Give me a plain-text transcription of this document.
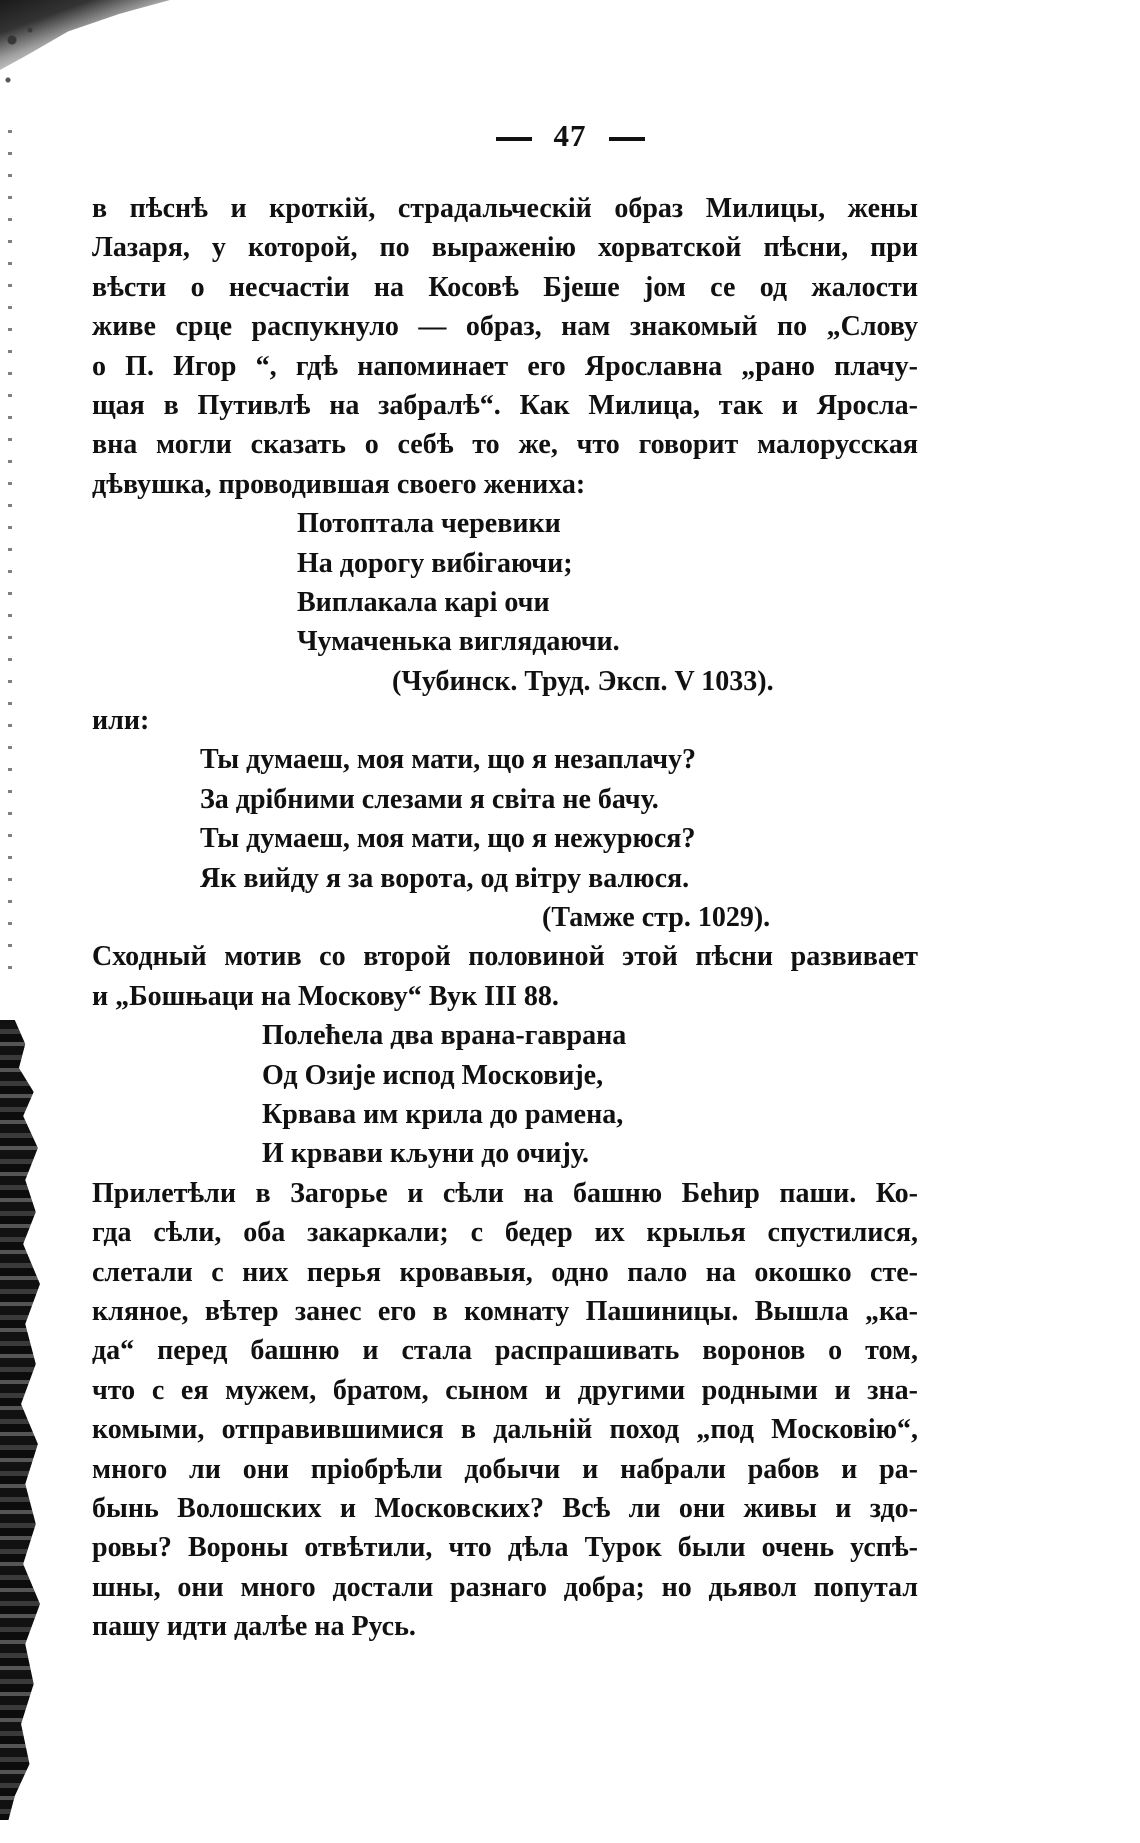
47
в пѣснѣ и кроткій, страдальческій образ Милицы, жены
Лазаря, у которой, по выраженію хорватской пѣсни, при
вѣсти о несчастіи на Косовѣ Бјеше јом се од жалости
живе срце распукнуло — образ, нам знакомый по „Слову
о П. Игор “, гдѣ напоминает его Ярославна „рано плачу-
щая в Путивлѣ на забралѣ“. Как Милица, так и Яросла-
вна могли сказать о себѣ то же, что говорит малорусская
дѣвушка, проводившая своего жениха:
Потоптала черевики
На дорогу вибігаючи;
Виплакала карі очи
Чумаченька виглядаючи.
(Чубинск. Труд. Эксп. V 1033).
или:
Ты думаеш, моя мати, що я незаплачу?
За дрібними слезами я світа не бачу.
Ты думаеш, моя мати, що я нежурюся?
Як вийду я за ворота, од вітру валюся.
(Тамже стр. 1029).
Сходный мотив со второй половиной этой пѣсни развивает
и „Бошњаци на Москову“ Вук III 88.
Полећела два врана-гаврана
Од Озије испод Московије,
Крвава им крила до рамена,
И крвави кљуни до очију.
Прилетѣли в Загорье и сѣли на башню Беһир паши. Ко-
гда сѣли, оба закаркали; с бедер их крылья спустилися,
слетали с них перья кровавыя, одно пало на окошко сте-
кляное, вѣтер занес его в комнату Пашиницы. Вышла „ка-
да“ перед башню и стала распрашивать воронов о том,
что с ея мужем, братом, сыном и другими родными и зна-
комыми, отправившимися в дальній поход „под Московію“,
много ли они пріобрѣли добычи и набрали рабов и ра-
бынь Волошских и Московских? Всѣ ли они живы и здо-
ровы? Вороны отвѣтили, что дѣла Турок были очень успѣ-
шны, они много достали разнаго добра; но дьявол попутал
пашу идти далѣе на Русь.
